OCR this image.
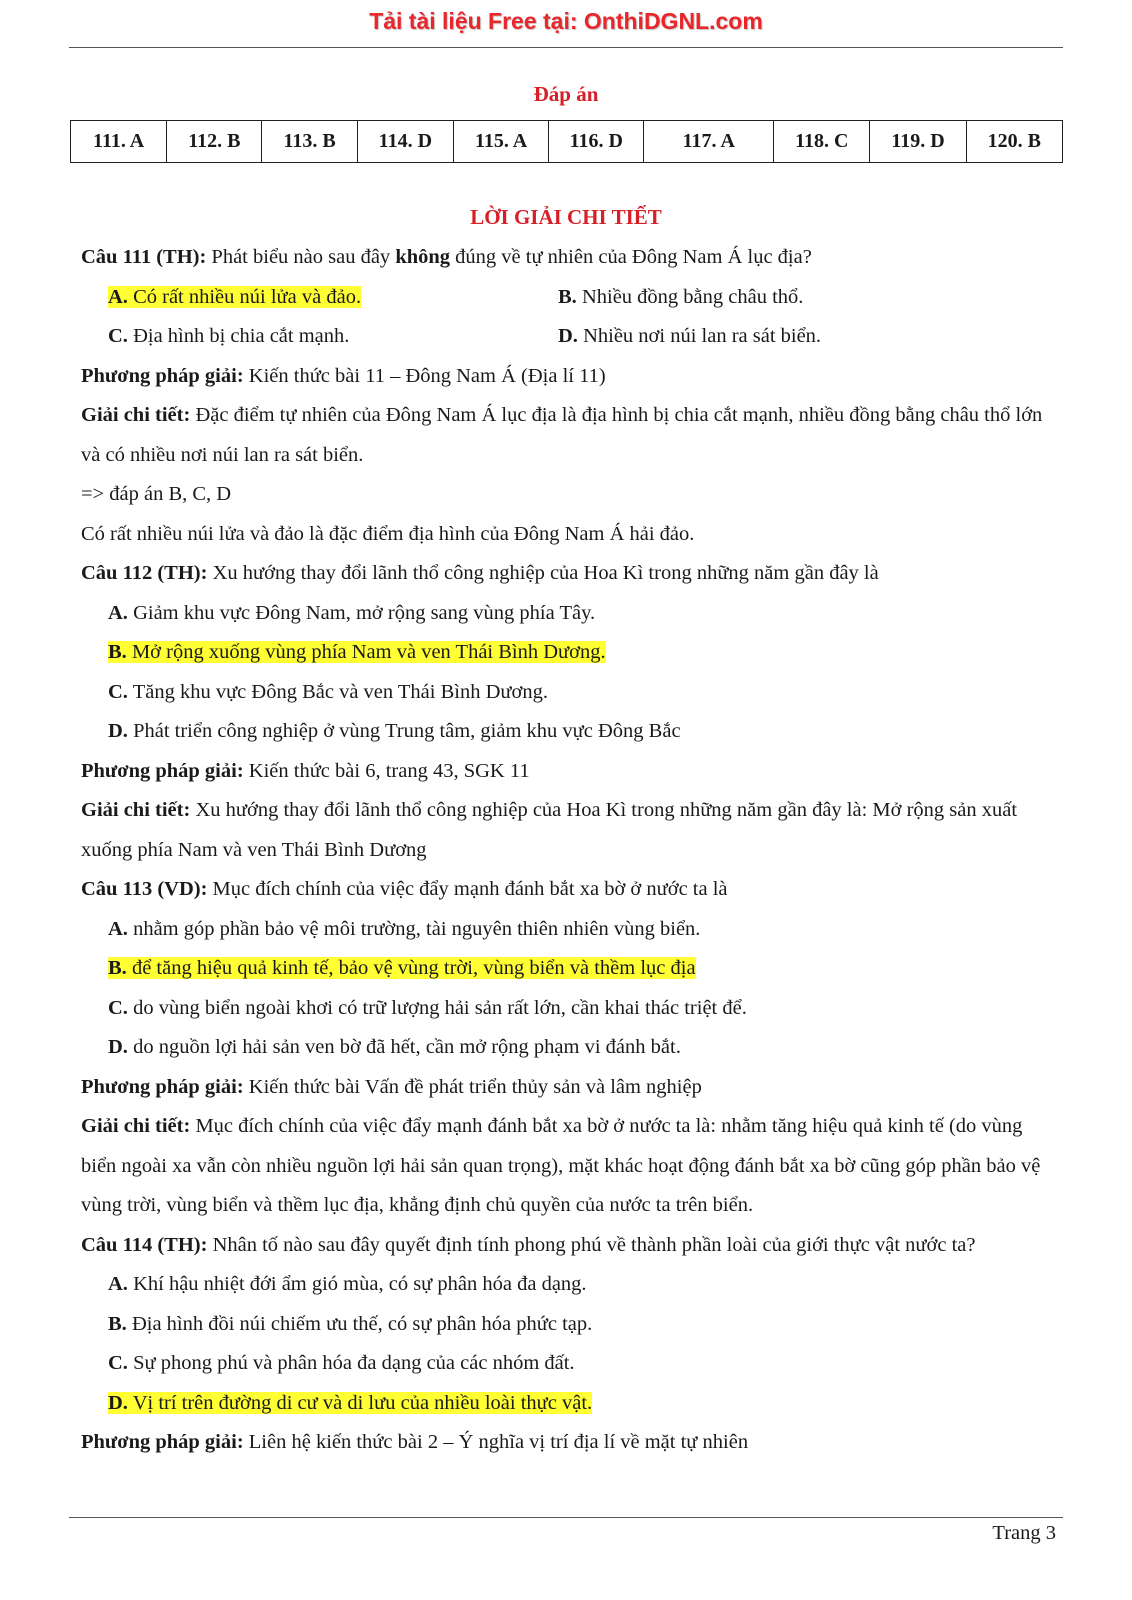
Tải tài liệu Free tại: OnthiDGNL.com
Đáp án
111. A	112. B	113. B	114. D	115. A	116. D	117. A	118. C	119. D	120. B
LỜI GIẢI CHI TIẾT
Câu 111 (TH): Phát biểu nào sau đây không đúng về tự nhiên của Đông Nam Á lục địa?
A. Có rất nhiều núi lửa và đảo.	B. Nhiều đồng bằng châu thổ.
C. Địa hình bị chia cắt mạnh.	D. Nhiều nơi núi lan ra sát biển.
Phương pháp giải: Kiến thức bài 11 – Đông Nam Á (Địa lí 11)
Giải chi tiết: Đặc điểm tự nhiên của Đông Nam Á lục địa là địa hình bị chia cắt mạnh, nhiều đồng bằng châu thổ lớn và có nhiều nơi núi lan ra sát biển.
=> đáp án B, C, D
Có rất nhiều núi lửa và đảo là đặc điểm địa hình của Đông Nam Á hải đảo.
Câu 112 (TH): Xu hướng thay đổi lãnh thổ công nghiệp của Hoa Kì trong những năm gần đây là
A. Giảm khu vực Đông Nam, mở rộng sang vùng phía Tây.
B. Mở rộng xuống vùng phía Nam và ven Thái Bình Dương.
C. Tăng khu vực Đông Bắc và ven Thái Bình Dương.
D. Phát triển công nghiệp ở vùng Trung tâm, giảm khu vực Đông Bắc
Phương pháp giải: Kiến thức bài 6, trang 43, SGK 11
Giải chi tiết: Xu hướng thay đổi lãnh thổ công nghiệp của Hoa Kì trong những năm gần đây là: Mở rộng sản xuất xuống phía Nam và ven Thái Bình Dương
Câu 113 (VD): Mục đích chính của việc đẩy mạnh đánh bắt xa bờ ở nước ta là
A. nhằm góp phần bảo vệ môi trường, tài nguyên thiên nhiên vùng biển.
B. để tăng hiệu quả kinh tế, bảo vệ vùng trời, vùng biển và thềm lục địa
C. do vùng biển ngoài khơi có trữ lượng hải sản rất lớn, cần khai thác triệt để.
D. do nguồn lợi hải sản ven bờ đã hết, cần mở rộng phạm vi đánh bắt.
Phương pháp giải: Kiến thức bài Vấn đề phát triển thủy sản và lâm nghiệp
Giải chi tiết: Mục đích chính của việc đẩy mạnh đánh bắt xa bờ ở nước ta là: nhằm tăng hiệu quả kinh tế (do vùng biển ngoài xa vẫn còn nhiều nguồn lợi hải sản quan trọng), mặt khác hoạt động đánh bắt xa bờ cũng góp phần bảo vệ vùng trời, vùng biển và thềm lục địa, khẳng định chủ quyền của nước ta trên biển.
Câu 114 (TH): Nhân tố nào sau đây quyết định tính phong phú về thành phần loài của giới thực vật nước ta?
A. Khí hậu nhiệt đới ẩm gió mùa, có sự phân hóa đa dạng.
B. Địa hình đồi núi chiếm ưu thế, có sự phân hóa phức tạp.
C. Sự phong phú và phân hóa đa dạng của các nhóm đất.
D. Vị trí trên đường di cư và di lưu của nhiều loài thực vật.
Phương pháp giải: Liên hệ kiến thức bài 2 – Ý nghĩa vị trí địa lí về mặt tự nhiên
Trang 3
